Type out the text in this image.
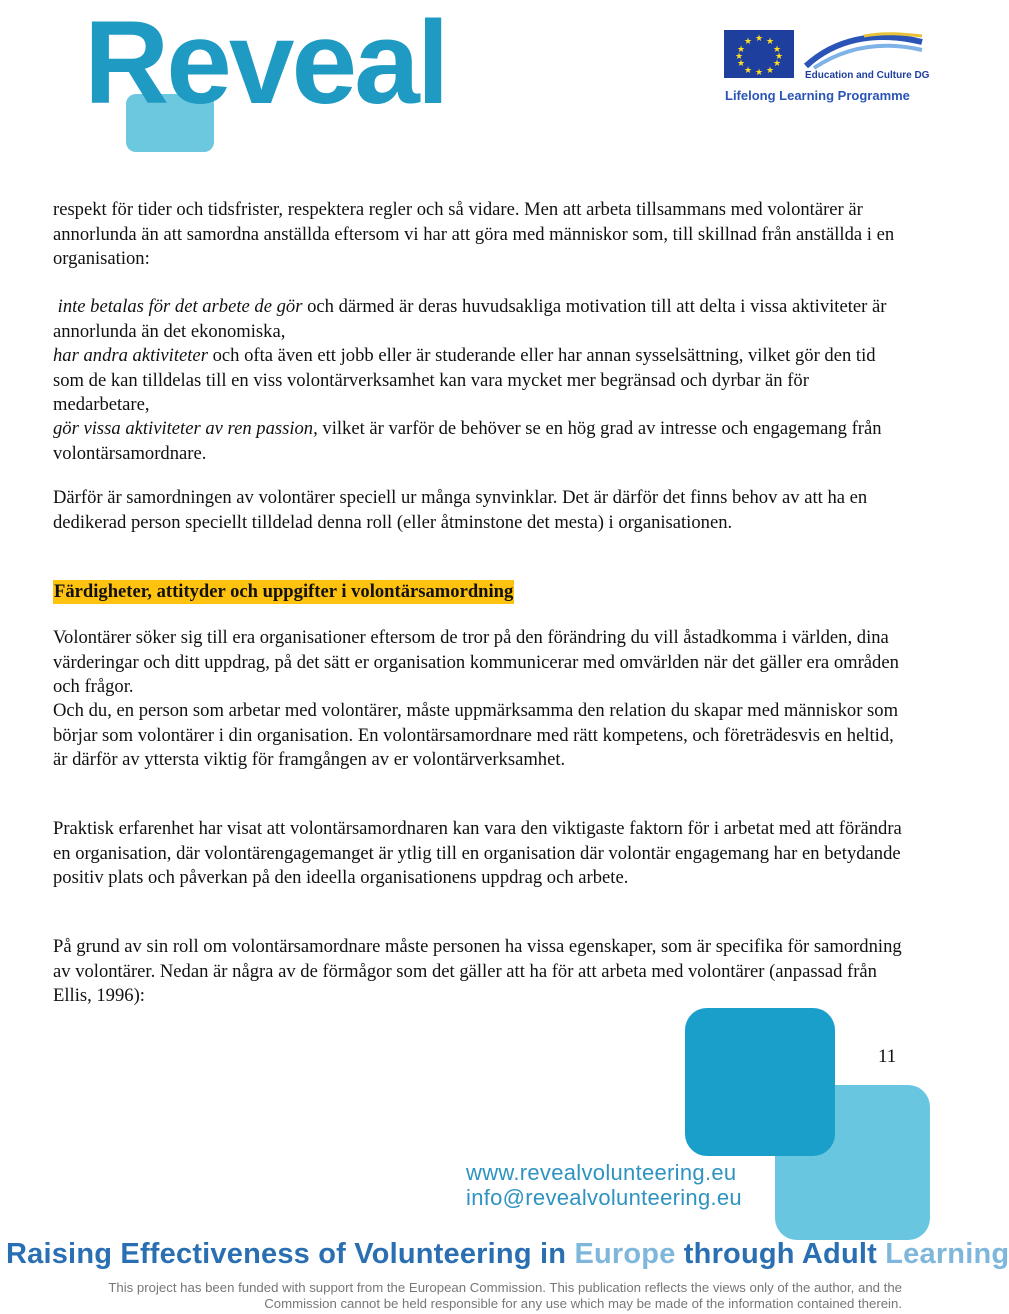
Reveal	★ ★
★
★
★
★
★
★
★
★
★
★
Education and Culture DG
Lifelong Learning Programme

respekt för tider och tidsfrister, respektera regler och så vidare. Men att arbeta tillsammans med volontärer är annorlunda än att samordna anställda eftersom vi har att göra med människor som, till skillnad från anställda i en organisation:

inte betalas för det arbete de gör och därmed är deras huvudsakliga motivation till att delta i vissa aktiviteter är annorlunda än det ekonomiska,

har andra aktiviteter och ofta även ett jobb eller är studerande eller har annan sysselsättning, vilket gör den tid som de kan tilldelas till en viss volontärverksamhet kan vara mycket mer begränsad och dyrbar än för medarbetare,

gör vissa aktiviteter av ren passion, vilket är varför de behöver se en hög grad av intresse och engagemang från volontärsamordnare.

Därför är samordningen av volontärer speciell ur många synvinklar. Det är därför det finns behov av att ha en dedikerad person speciellt tilldelad denna roll (eller åtminstone det mesta) i organisationen.

Färdigheter, attityder och uppgifter i volontärsamordning

Volontärer söker sig till era organisationer eftersom de tror på den förändring du vill åstadkomma i världen, dina värderingar och ditt uppdrag, på det sätt er organisation kommunicerar med omvärlden när det gäller era områden och frågor.

Och du, en person som arbetar med volontärer, måste uppmärksamma den relation du skapar med människor som börjar som volontärer i din organisation. En volontärsamordnare med rätt kompetens, och företrädesvis en heltid, är därför av yttersta viktig för framgången av er volontärverksamhet.

Praktisk erfarenhet har visat att volontärsamordnaren kan vara den viktigaste faktorn för i arbetat med att förändra en organisation, där volontärengagemanget är ytlig till en organisation där volontär engagemang har en betydande positiv plats och påverkan på den ideella organisationens uppdrag och arbete.

På grund av sin roll om volontärsamordnare måste personen ha vissa egenskaper, som är specifika för samordning av volontärer. Nedan är några av de förmågor som det gäller att ha för att arbeta med volontärer (anpassad från Ellis, 1996):

11
www.revealvolunteering.eu
info@revealvolunteering.eu
Raising Effectiveness of Volunteering in Europe through Adult Learning
This project has been funded with support from the European Commission. This publication reflects the views only of the author, and the
Commission cannot be held responsible for any use which may be made of the information contained therein.
